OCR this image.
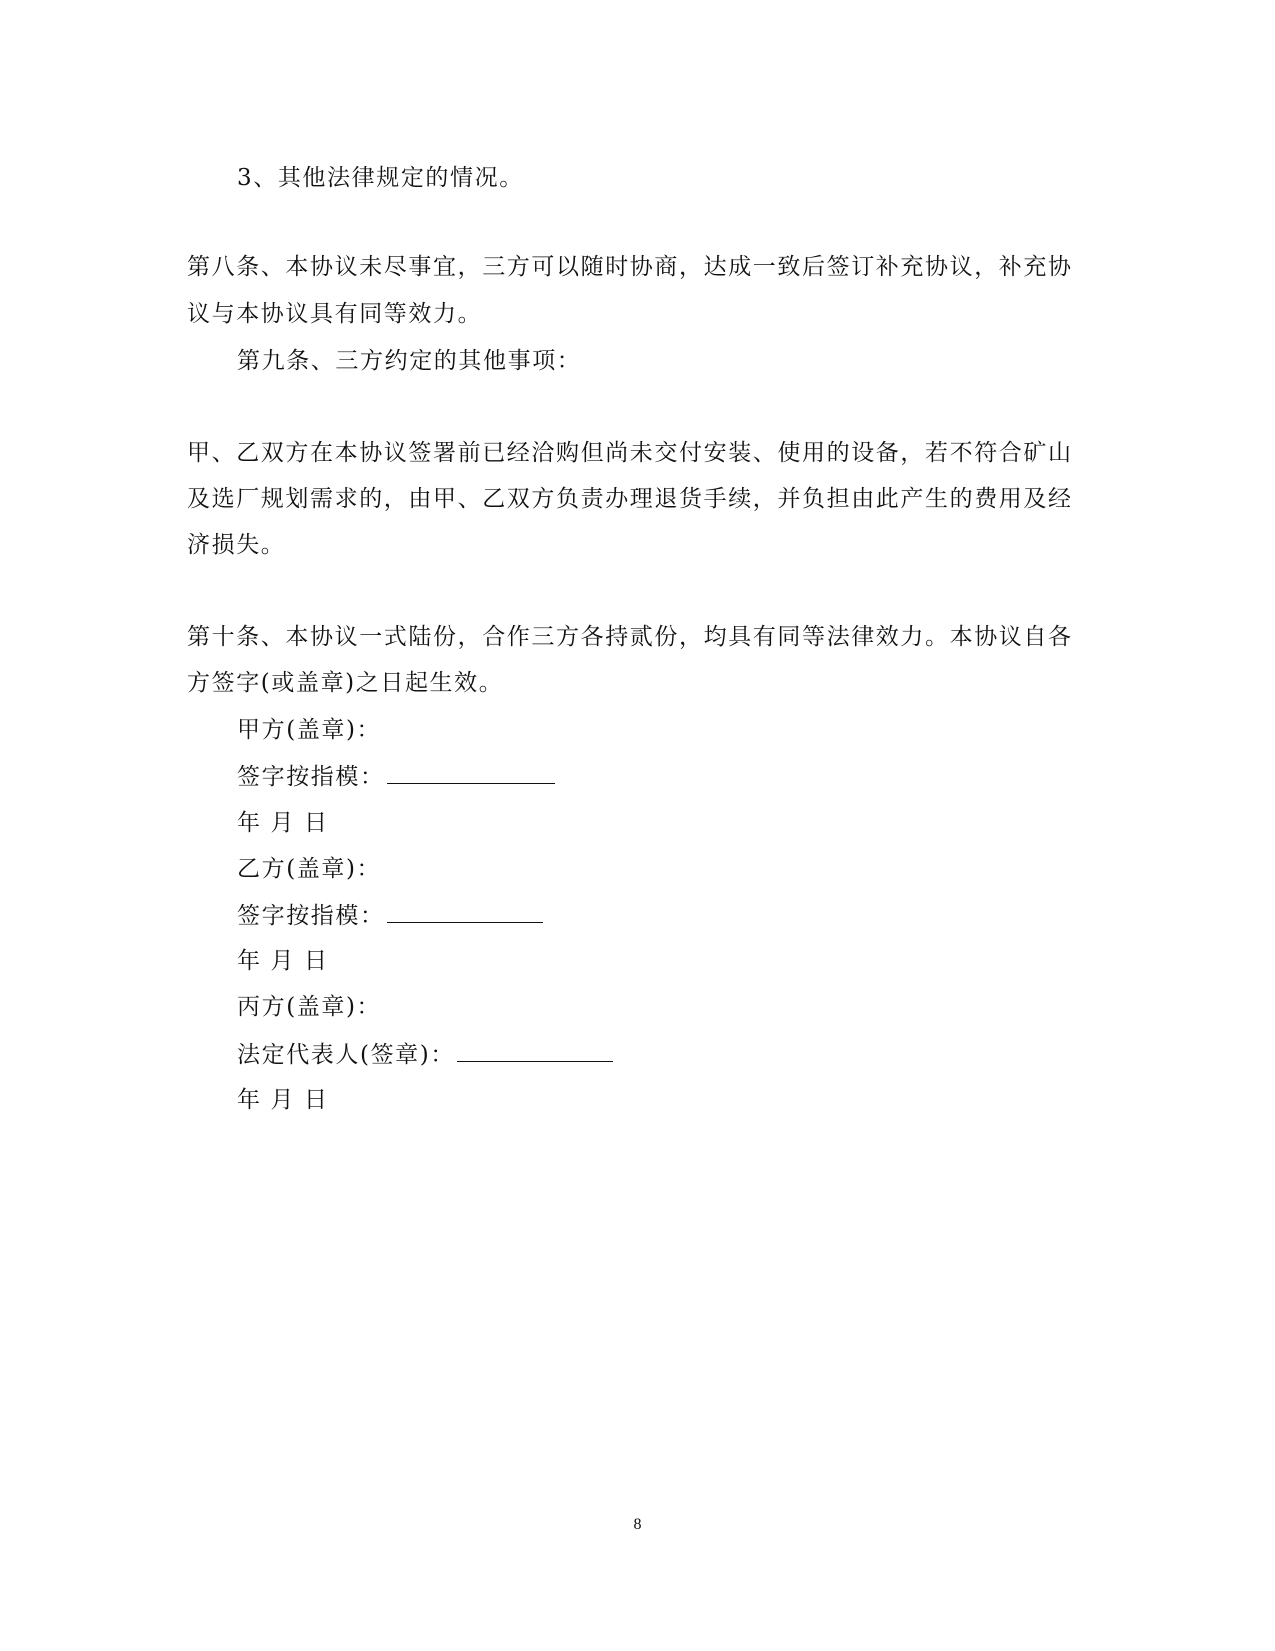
3、其他法律规定的情况。
第八条、本协议未尽事宜，三方可以随时协商，达成一致后签订补充协议，补充协
议与本协议具有同等效力。
第九条、三方约定的其他事项：
甲、乙双方在本协议签署前已经洽购但尚未交付安装、使用的设备，若不符合矿山
及选厂规划需求的，由甲、乙双方负责办理退货手续，并负担由此产生的费用及经
济损失。
第十条、本协议一式陆份，合作三方各持贰份，均具有同等法律效力。本协议自各
方签字(或盖章)之日起生效。
甲方(盖章)：
签字按指模：
年 月 日
乙方(盖章)：
签字按指模：
年 月 日
丙方(盖章)：
法定代表人(签章)：
年 月 日
8
